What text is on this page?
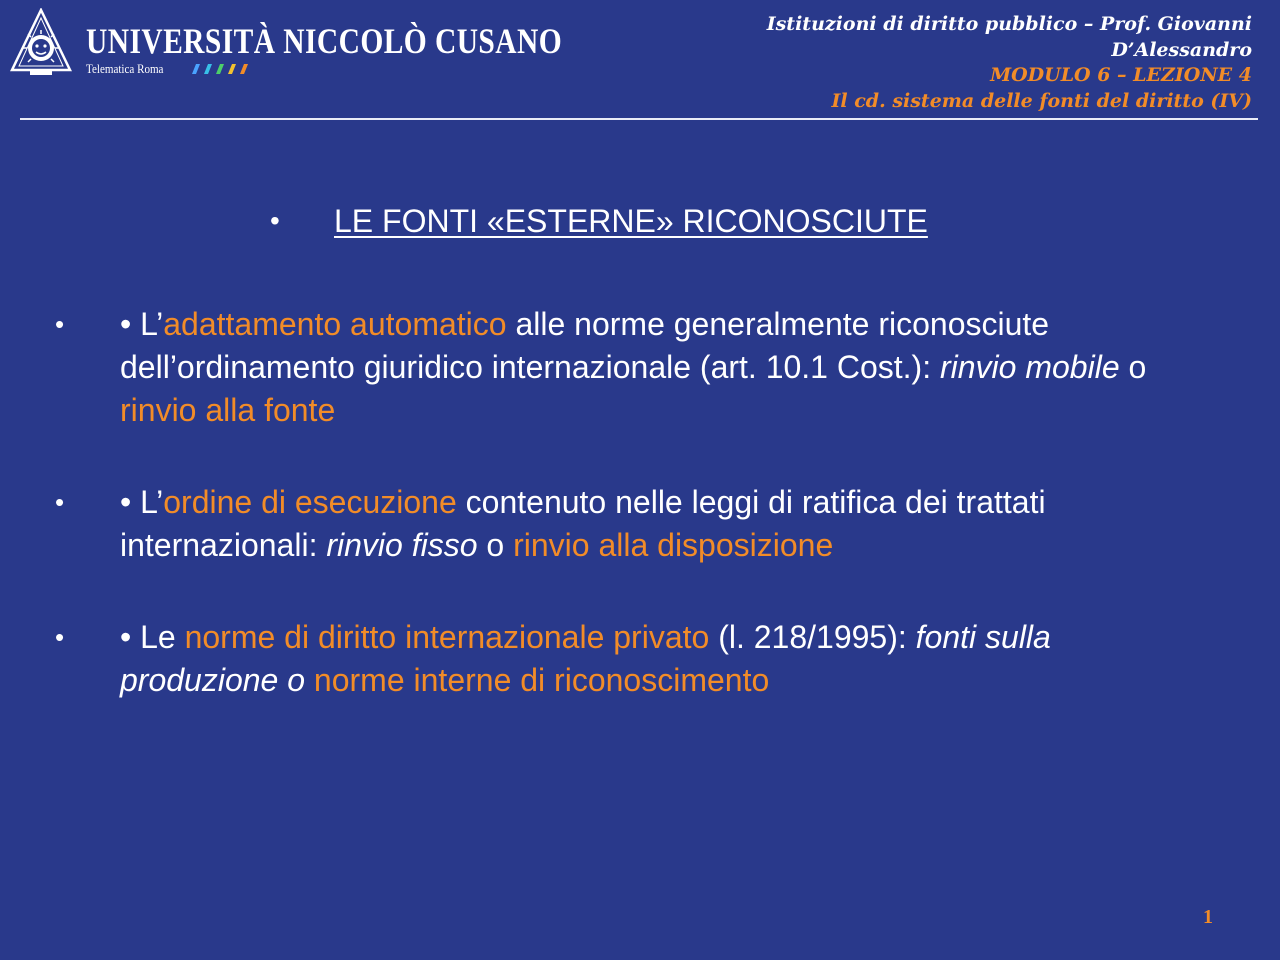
UNIVERSITÀ NICCOLÒ CUSANO
Telematica Roma
Istituzioni di diritto pubblico – Prof. Giovanni
D’Alessandro
MODULO 6 – LEZIONE 4
Il cd. sistema delle fonti del diritto (IV)
• LE FONTI «ESTERNE» RICONOSCIUTE
• • L’adattamento automatico alle norme generalmente riconosciute dell’ordinamento giuridico internazionale (art. 10.1 Cost.): rinvio mobile o rinvio alla fonte
• • L’ordine di esecuzione contenuto nelle leggi di ratifica dei trattati internazionali: rinvio fisso o rinvio alla disposizione
• • Le norme di diritto internazionale privato (l. 218/1995): fonti sulla produzione o norme interne di riconoscimento
1
